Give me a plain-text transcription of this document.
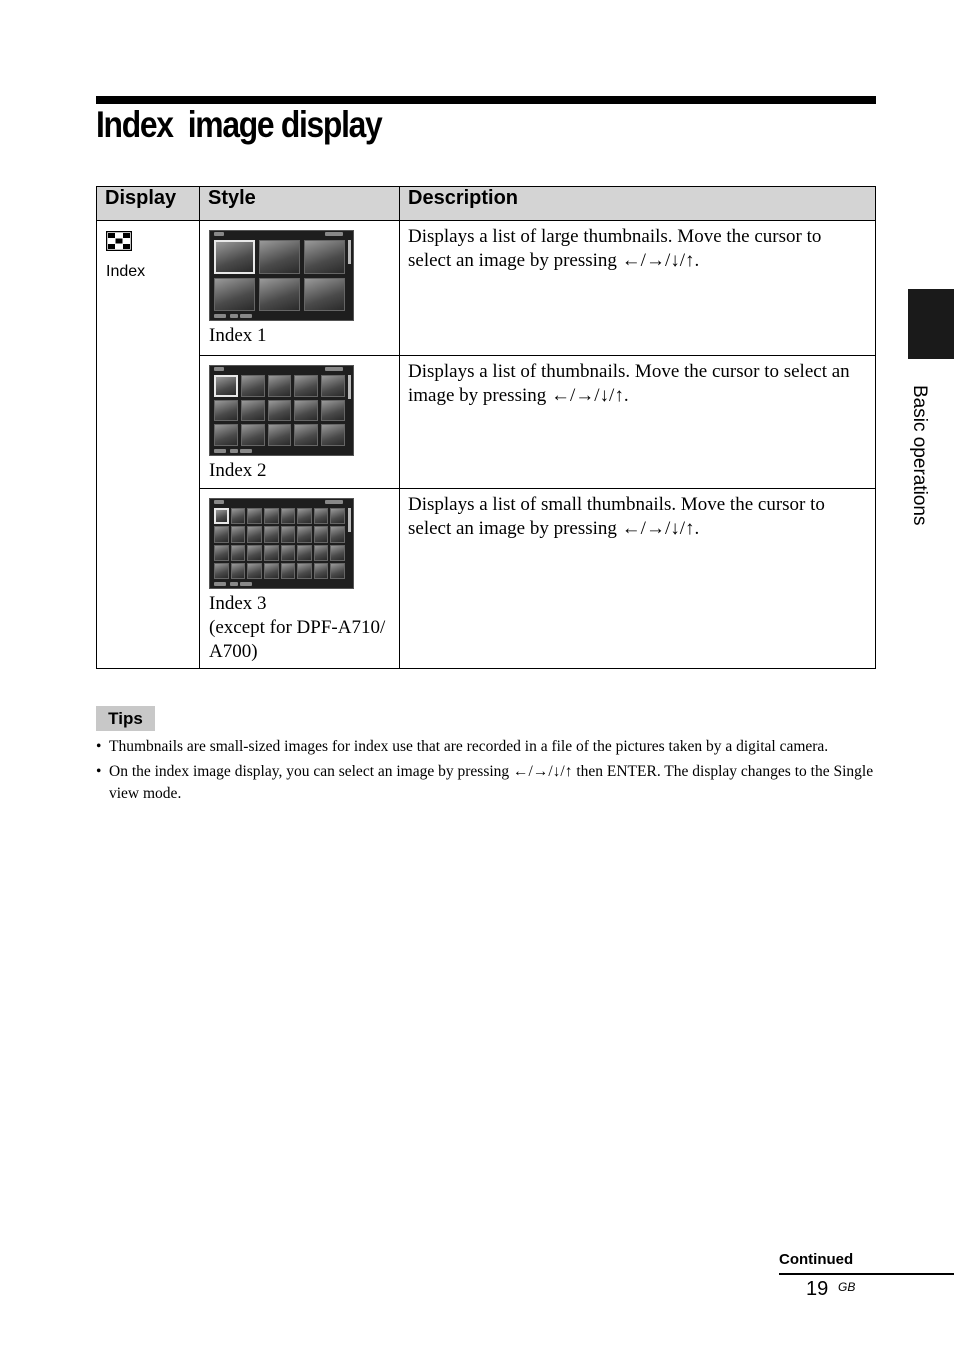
Index  image display
Display	Style	Description

Index	Index 1	Displays a list of large thumbnails. Move the cursor to select an image by pressing ←/→/↓/↑.

	Index 2	Displays a list of thumbnails. Move the cursor to select an image by pressing ←/→/↓/↑.

	Index 3
(except for DPF-A710/
A700)	Displays a list of small thumbnails. Move the cursor to select an image by pressing ←/→/↓/↑.
Tips
• Thumbnails are small-sized images for index use that are recorded in a file of the pictures taken by a digital camera.
• On the index image display, you can select an image by pressing ←/→/↓/↑ then ENTER. The display changes to the Single view mode.
Basic operations
Continued
19 GB
